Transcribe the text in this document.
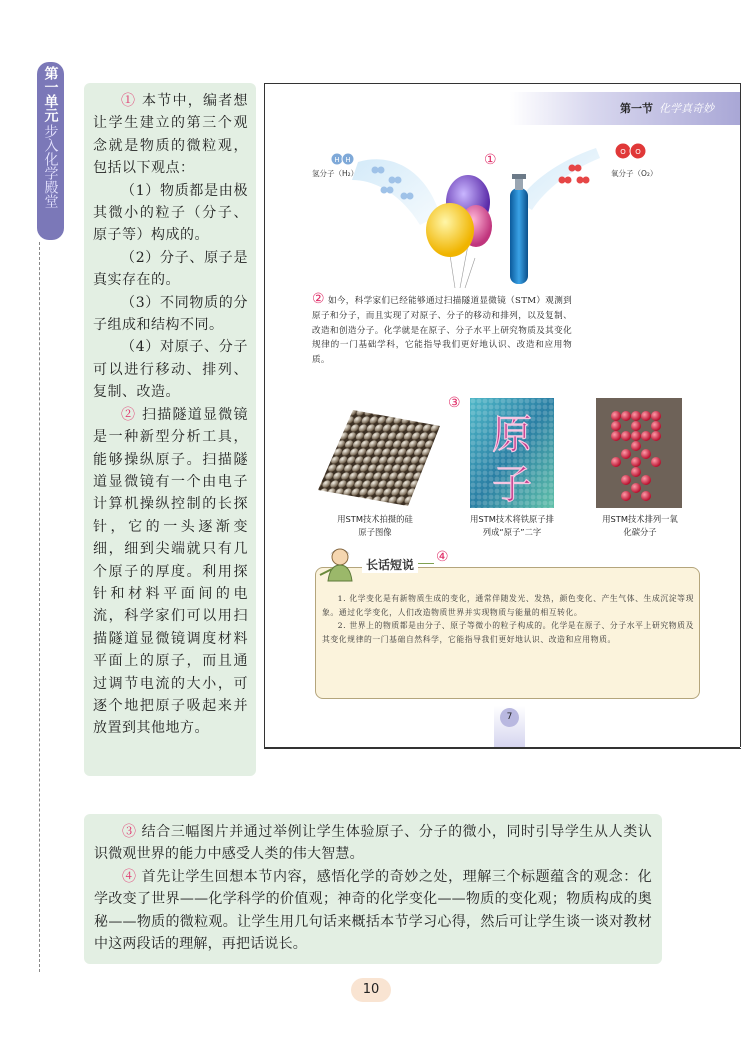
第一单元
步入化学殿堂

① 本节中，编者想让学生建立的第三个观念就是物质的微粒观，包括以下观点：

（1）物质都是由极其微小的粒子（分子、原子等）构成的。

（2）分子、原子是真实存在的。

（3）不同物质的分子组成和结构不同。

（4）对原子、分子可以进行移动、排列、复制、改造。

② 扫描隧道显微镜是一种新型分析工具，能够操纵原子。扫描隧道显微镜有一个由电子计算机操纵控制的长探针，它的一头逐渐变细，细到尖端就只有几个原子的厚度。利用探针和材料平面间的电流，科学家们可以用扫描隧道显微镜调度材料平面上的原子，而且通过调节电流的大小，可逐个地把原子吸起来并放置到其他地方。

第一节 化学真奇妙
H H
O O
①
氢分子（H₂）	氧分子（O₂）
② 如今，科学家们已经能够通过扫描隧道显微镜（STM）观测到原子和分子，而且实现了对原子、分子的移动和排列，以及复制、改造和创造分子。化学就是在原子、分子水平上研究物质及其变化规律的一门基础学科，它能指导我们更好地认识、改造和应用物质。
③
原
子
用STM技术拍摄的硅原子图像
用STM技术将铁原子排列成“原子”二字
用STM技术排列一氧化碳分子
长话短说 ④

1. 化学变化是有新物质生成的变化，通常伴随发光、发热，颜色变化、产生气体、生成沉淀等现象。通过化学变化，人们改造物质世界并实现物质与能量的相互转化。

2. 世界上的物质都是由分子、原子等微小的粒子构成的。化学是在原子、分子水平上研究物质及其变化规律的一门基础自然科学，它能指导我们更好地认识、改造和应用物质。

7

③ 结合三幅图片并通过举例让学生体验原子、分子的微小，同时引导学生从人类认识微观世界的能力中感受人类的伟大智慧。

④ 首先让学生回想本节内容，感悟化学的奇妙之处，理解三个标题蕴含的观念：化学改变了世界——化学科学的价值观；神奇的化学变化——物质的变化观；物质构成的奥秘——物质的微粒观。让学生用几句话来概括本节学习心得，然后可让学生谈一谈对教材中这两段话的理解，再把话说长。

10
